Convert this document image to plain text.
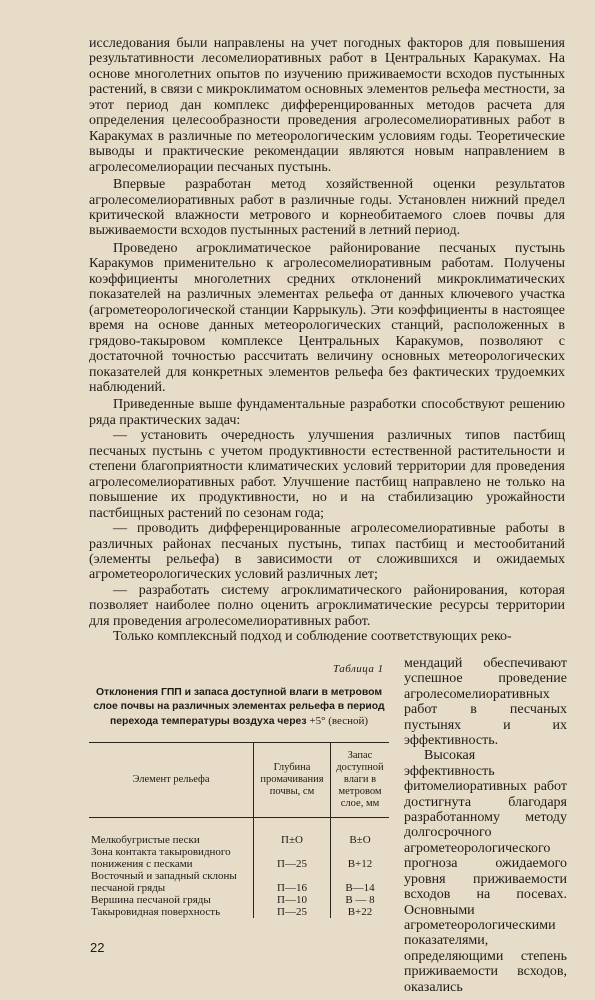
исследования были направлены на учет погодных факторов для повышения результативности лесомелиоративных работ в Центральных Каракумах. На основе многолетних опытов по изучению приживаемости всходов пустынных растений, в связи с микроклиматом основных элементов рельефа местности, за этот период дан комплекс дифференцированных методов расчета для определения целесообразности проведения агролесомелиоративных работ в Каракумах в различные по метеорологическим условиям годы. Теоретические выводы и практические рекомендации являются новым направлением в агролесомелиорации песчаных пустынь.

Впервые разработан метод хозяйственной оценки результатов агролесомелиоративных работ в различные годы. Установлен нижний предел критической влажности метрового и корнеобитаемого слоев почвы для выживаемости всходов пустынных растений в летний период.

Проведено агроклиматическое районирование песчаных пустынь Каракумов применительно к агролесомелиоративным работам. Получены коэффициенты многолетних средних отклонений микроклиматических показателей на различных элементах рельефа от данных ключевого участка (агрометеорологической станции Каррыкуль). Эти коэффициенты в настоящее время на основе данных метеорологических станций, расположенных в грядово-такыровом комплексе Центральных Каракумов, позволяют с достаточной точностью рассчитать величину основных метеорологических показателей для конкретных элементов рельефа без фактических трудоемких наблюдений.

Приведенные выше фундаментальные разработки способствуют решению ряда практических задач:

— установить очередность улучшения различных типов пастбищ песчаных пустынь с учетом продуктивности естественной растительности и степени благоприятности климатических условий территории для проведения агролесомелиоративных работ. Улучшение пастбищ направлено не только на повышение их продуктивности, но и на стабилизацию урожайности пастбищных растений по сезонам года;

— проводить дифференцированные агролесомелиоративные работы в различных районах песчаных пустынь, типах пастбищ и местообитаний (элементы рельефа) в зависимости от сложившихся и ожидаемых агрометеорологических условий различных лет;

— разработать систему агроклиматического районирования, которая позволяет наиболее полно оценить агроклиматические ресурсы территории для проведения агролесомелиоративных работ.

Только комплексный подход и соблюдение соответствующих реко-

Таблица 1
Отклонения ГПП и запаса доступной влаги в метровом слое почвы на различных элементах рельефа в период перехода температуры воздуха через +5° (весной)
Элемент рельефа	Глубина промачивания почвы, см	Запас доступной влаги в метровом слое, мм

Мелкобугристые пески	П±О	В±О
Зона контакта такыровидного понижения с песками	П—25	В+12
Восточный и западный склоны песчаной гряды	П—16	В—14
Вершина песчаной гряды	П—10	В — 8
Такыровидная поверхность	П—25	В+22

мендаций обеспечивают успешное проведение агролесомелиоративных работ в песчаных пустынях и их эффективность.

Высокая эффективность фитомелиоративных работ достигнута благодаря разработанному методу долгосрочного агрометеорологического прогноза ожидаемого уровня приживаемости всходов на посевах. Основными агрометеорологическими показателями, определяющими степень приживаемости всходов, оказались

22
